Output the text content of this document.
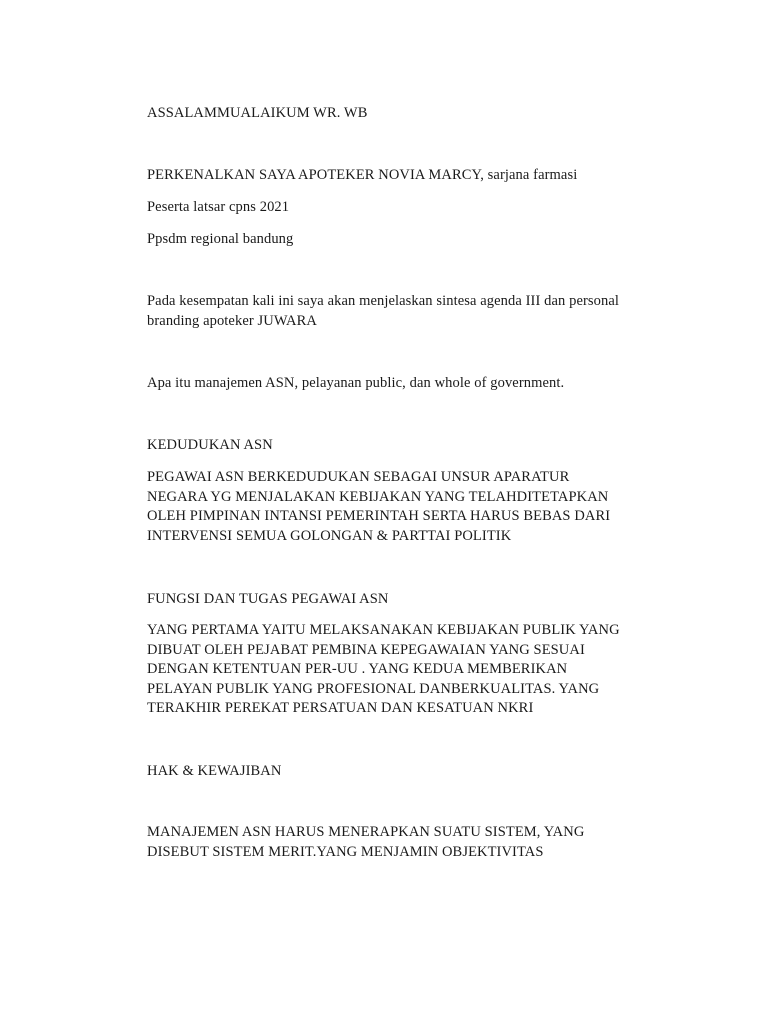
ASSALAMMUALAIKUM WR. WB

PERKENALKAN SAYA APOTEKER NOVIA MARCY, sarjana farmasi

Peserta latsar cpns 2021

Ppsdm regional bandung

Pada kesempatan kali ini saya akan menjelaskan sintesa agenda III dan personal
branding apoteker JUWARA

Apa itu manajemen ASN, pelayanan public, dan whole of government.

KEDUDUKAN ASN

PEGAWAI ASN BERKEDUDUKAN SEBAGAI UNSUR APARATUR
NEGARA YG MENJALAKAN KEBIJAKAN YANG TELAHDITETAPKAN
OLEH PIMPINAN INTANSI PEMERINTAH SERTA HARUS BEBAS DARI
INTERVENSI SEMUA GOLONGAN & PARTTAI POLITIK

FUNGSI DAN TUGAS PEGAWAI ASN

YANG PERTAMA YAITU MELAKSANAKAN KEBIJAKAN PUBLIK YANG
DIBUAT OLEH PEJABAT PEMBINA KEPEGAWAIAN YANG SESUAI
DENGAN KETENTUAN PER-UU . YANG KEDUA MEMBERIKAN
PELAYAN PUBLIK YANG PROFESIONAL DANBERKUALITAS. YANG
TERAKHIR PEREKAT PERSATUAN DAN KESATUAN NKRI

HAK & KEWAJIBAN

MANAJEMEN ASN HARUS MENERAPKAN SUATU SISTEM, YANG
DISEBUT SISTEM MERIT.YANG MENJAMIN OBJEKTIVITAS
